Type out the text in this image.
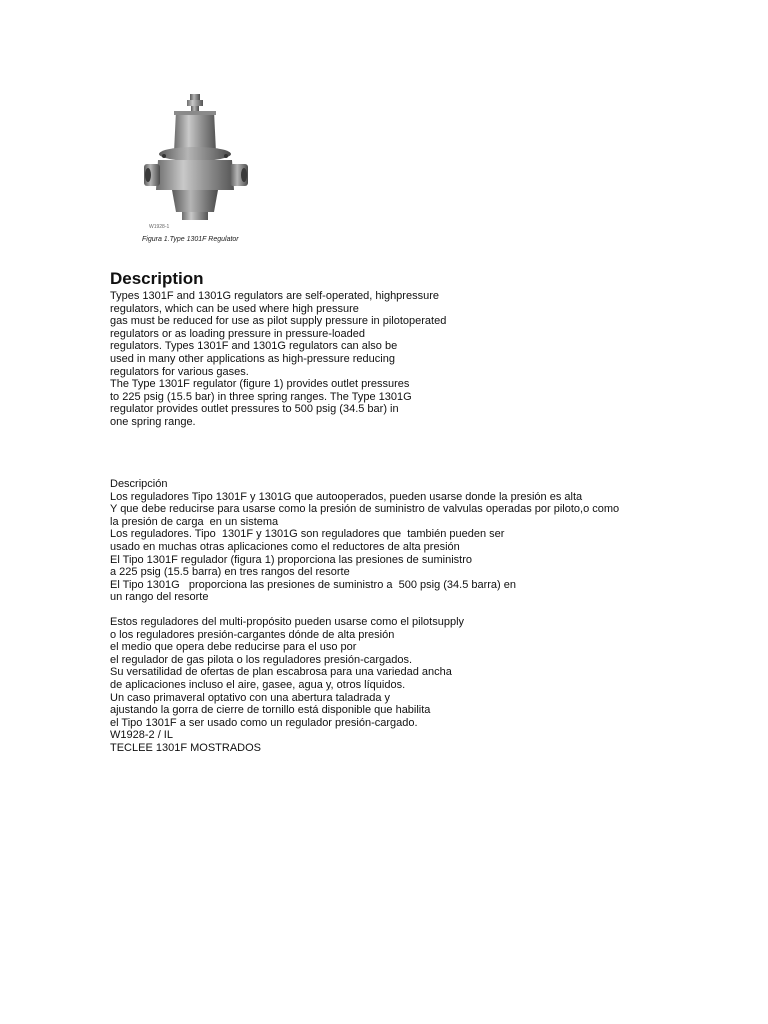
W1928-1
Figura 1.Type 1301F Regulator
Description
Types 1301F and 1301G regulators are self-operated, highpressure
regulators, which can be used where high pressure
gas must be reduced for use as pilot supply pressure in pilotoperated
regulators or as loading pressure in pressure-loaded
regulators. Types 1301F and 1301G regulators can also be
used in many other applications as high-pressure reducing
regulators for various gases.
The Type 1301F regulator (figure 1) provides outlet pressures
to 225 psig (15.5 bar) in three spring ranges. The Type 1301G
regulator provides outlet pressures to 500 psig (34.5 bar) in
one spring range.
Descripción
Los reguladores Tipo 1301F y 1301G que autooperados, pueden usarse donde la presión es alta
Y que debe reducirse para usarse como la presión de suministro de valvulas operadas por piloto,o como
la presión de carga  en un sistema
Los reguladores. Tipo  1301F y 1301G son reguladores que  también pueden ser
usado en muchas otras aplicaciones como el reductores de alta presión
El Tipo 1301F regulador (figura 1) proporciona las presiones de suministro
a 225 psig (15.5 barra) en tres rangos del resorte
El Tipo 1301G   proporciona las presiones de suministro a  500 psig (34.5 barra) en
un rango del resorte
Estos reguladores del multi-propósito pueden usarse como el pilotsupply
o los reguladores presión-cargantes dónde de alta presión
el medio que opera debe reducirse para el uso por
el regulador de gas pilota o los reguladores presión-cargados.
Su versatilidad de ofertas de plan escabrosa para una variedad ancha
de aplicaciones incluso el aire, gasee, agua y, otros líquidos.
Un caso primaveral optativo con una abertura taladrada y
ajustando la gorra de cierre de tornillo está disponible que habilita
el Tipo 1301F a ser usado como un regulador presión-cargado.
W1928-2 / IL
TECLEE 1301F MOSTRADOS
